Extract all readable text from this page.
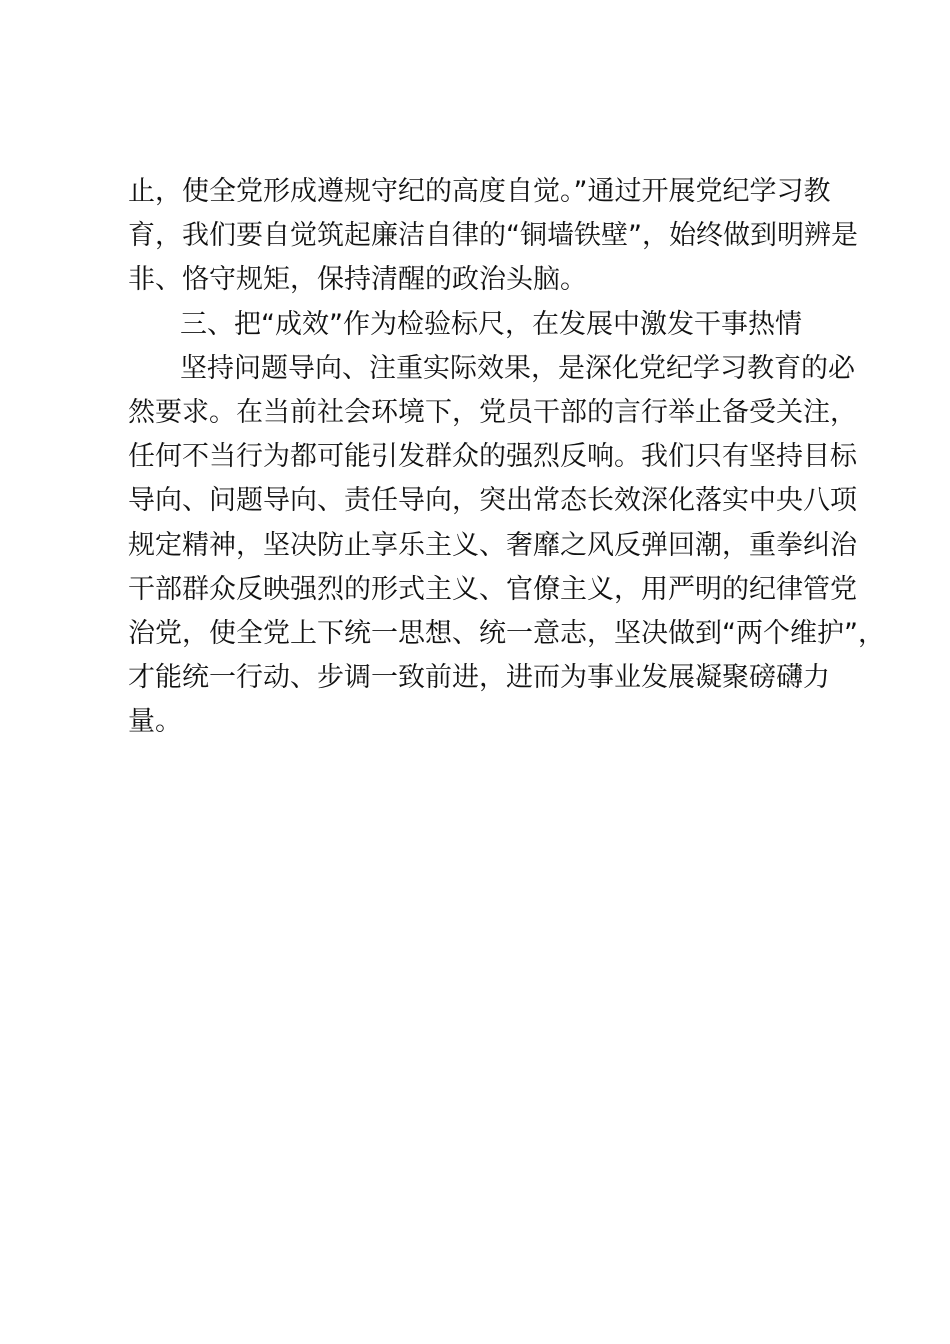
止，使全党形成遵规守纪的高度自觉。”通过开展党纪学习教
育，我们要自觉筑起廉洁自律的“铜墙铁壁”，始终做到明辨是
非、恪守规矩，保持清醒的政治头脑。
三、把“成效”作为检验标尺，在发展中激发干事热情
坚持问题导向、注重实际效果，是深化党纪学习教育的必
然要求。在当前社会环境下，党员干部的言行举止备受关注，
任何不当行为都可能引发群众的强烈反响。我们只有坚持目标
导向、问题导向、责任导向，突出常态长效深化落实中央八项
规定精神，坚决防止享乐主义、奢靡之风反弹回潮，重拳纠治
干部群众反映强烈的形式主义、官僚主义，用严明的纪律管党
治党，使全党上下统一思想、统一意志，坚决做到“两个维护”，
才能统一行动、步调一致前进，进而为事业发展凝聚磅礴力
量。
